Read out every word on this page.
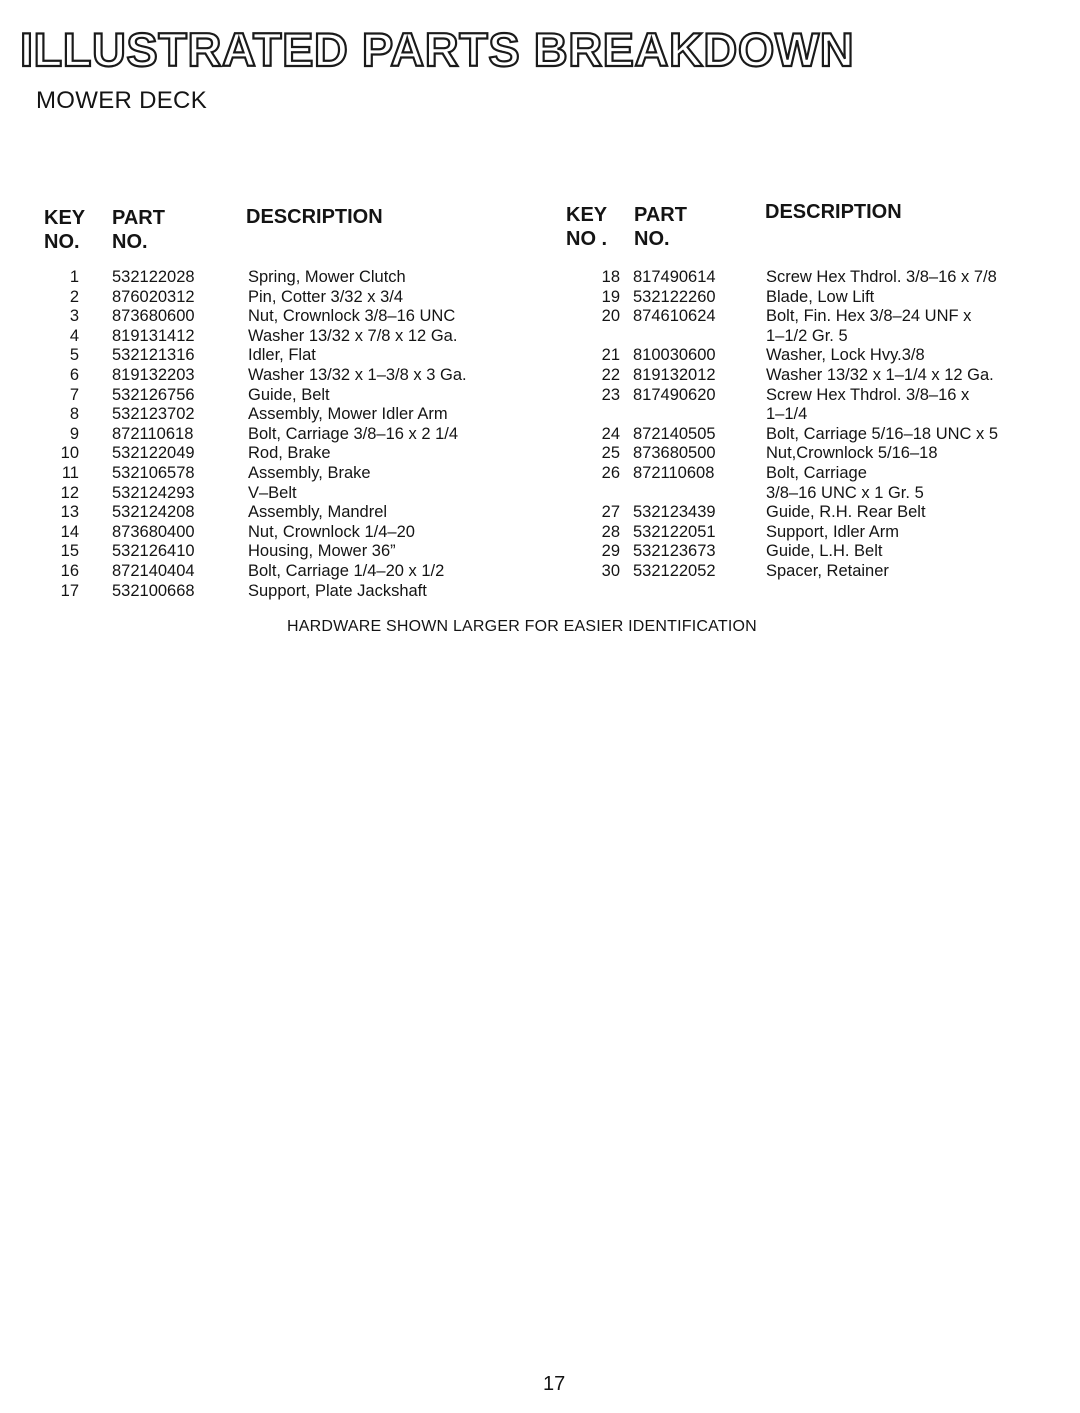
ILLUSTRATED PARTS BREAKDOWN
MOWER DECK
KEY PART
NO. NO.
DESCRIPTION	KEY PART
NO . NO.
DESCRIPTION
1 532122028	Spring, Mower Clutch
2 876020312	Pin, Cotter 3/32 x 3/4
3 873680600	Nut, Crownlock 3/8–16 UNC
4 819131412	Washer 13/32 x 7/8 x 12 Ga.
5 532121316	Idler, Flat
6 819132203	Washer 13/32 x 1–3/8 x 3 Ga.
7 532126756	Guide, Belt
8 532123702	Assembly, Mower Idler Arm
9 872110618	Bolt, Carriage 3/8–16 x 2 1/4
10 532122049	Rod, Brake
11 532106578	Assembly, Brake
12 532124293	V–Belt
13 532124208	Assembly, Mandrel
14 873680400	Nut, Crownlock 1/4–20
15 532126410	Housing, Mower 36”
16 872140404	Bolt, Carriage 1/4–20 x 1/2
17 532100668	Support, Plate Jackshaft
18 817490614	Screw Hex Thdrol. 3/8–16 x 7/8
19 532122260	Blade, Low Lift
20 874610624	Bolt, Fin. Hex 3/8–24 UNF x
1–1/2 Gr. 5
21 810030600	Washer, Lock Hvy.3/8
22 819132012	Washer 13/32 x 1–1/4 x 12 Ga.
23 817490620	Screw Hex Thdrol. 3/8–16 x
1–1/4
24 872140505	Bolt, Carriage 5/16–18 UNC x 5
25 873680500	Nut,Crownlock 5/16–18
26 872110608	Bolt, Carriage
3/8–16 UNC x 1 Gr. 5
27 532123439	Guide, R.H. Rear Belt
28 532122051	Support, Idler Arm
29 532123673	Guide, L.H. Belt
30 532122052	Spacer, Retainer
HARDWARE SHOWN LARGER FOR EASIER IDENTIFICATION
17
